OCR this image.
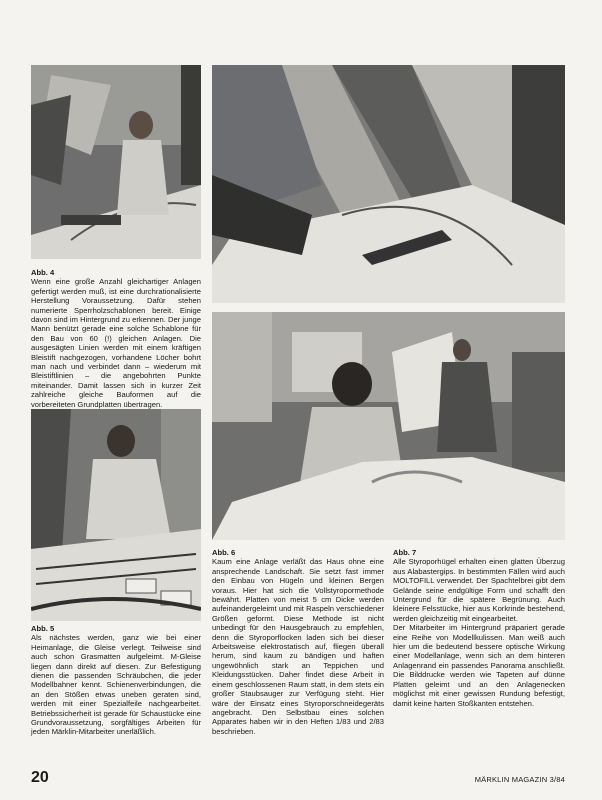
Abb. 4

Wenn eine große Anzahl gleichartiger Anlagen gefertigt werden muß, ist eine durchrationalisierte Herstellung Voraussetzung. Dafür stehen numerierte Sperrholzschablonen bereit. Einige davon sind im Hintergrund zu erkennen. Der junge Mann benützt gerade eine solche Schablone für den Bau von 60 (!) gleichen Anlagen. Die ausgesägten Linien werden mit einem kräftigen Bleistift nachgezogen, vorhandene Löcher bohrt man nach und verbindet dann – wiederum mit Bleistiftlinien – die angebohrten Punkte miteinander. Damit lassen sich in kurzer Zeit zahlreiche gleiche Bauformen auf die vorbereiteten Grundplatten übertragen.

Abb. 5

Als nächstes werden, ganz wie bei einer Heimanlage, die Gleise verlegt. Teilweise sind auch schon Grasmatten aufgeleimt. M-Gleise liegen dann direkt auf diesen. Zur Befestigung dienen die passenden Schräubchen, die jeder Modellbahner kennt. Schienenverbindungen, die an den Stößen etwas uneben geraten sind, werden mit einer Spezialfeile nachgearbeitet. Betriebssicherheit ist gerade für Schaustücke eine Grundvoraussetzung, sorgfältiges Arbeiten für jeden Märklin-Mitarbeiter unerläßlich.

Abb. 6

Kaum eine Anlage verläßt das Haus ohne eine ansprechende Landschaft. Sie setzt fast immer den Einbau von Hügeln und kleinen Bergen voraus. Hier hat sich die Vollstyropormethode bewährt. Platten von meist 5 cm Dicke werden aufeinandergeleimt und mit Raspeln verschiedener Größen geformt. Diese Methode ist nicht unbedingt für den Hausgebrauch zu empfehlen, denn die Styroporflocken laden sich bei dieser Arbeitsweise elektrostatisch auf, fliegen überall herum, sind kaum zu bändigen und haften ungewöhnlich stark an Teppichen und Kleidungsstücken. Daher findet diese Arbeit in einem geschlossenen Raum statt, in dem stets ein großer Staubsauger zur Verfügung steht. Hier wäre der Einsatz eines Styroporschneidegeräts angebracht. Den Selbstbau eines solchen Apparates haben wir in den Heften 1/83 und 2/83 beschrieben.

Abb. 7

Alle Styroporhügel erhalten einen glatten Überzug aus Alabastergips. In bestimmten Fällen wird auch MOLTOFILL verwendet. Der Spachtelbrei gibt dem Gelände seine endgültige Form und schafft den Untergrund für die spätere Begrünung. Auch kleinere Felsstücke, hier aus Korkrinde bestehend, werden gleichzeitig mit eingearbeitet.

Der Mitarbeiter im Hintergrund präpariert gerade eine Reihe von Modellkulissen. Man weiß auch hier um die bedeutend bessere optische Wirkung einer Modellanlage, wenn sich an dem hinteren Anlagenrand ein passendes Panorama anschließt. Die Bilddrucke werden wie Tapeten auf dünne Platten geleimt und an den Anlagenecken möglichst mit einer gewissen Rundung befestigt, damit keine harten Stoßkanten entstehen.

20	MÄRKLIN MAGAZIN 3/84
